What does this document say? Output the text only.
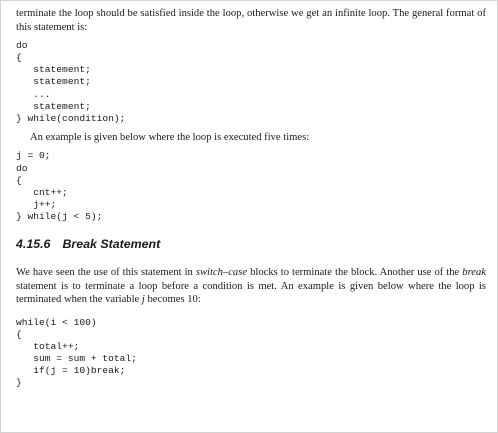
terminate the loop should be satisfied inside the loop, otherwise we get an infinite loop. The general format of this statement is:

do
{
statement;
statement;
...
statement;
} while(condition);

An example is given below where the loop is executed five times:

j = 0;
do
{
cnt++;
j++;
} while(j < 5);
4.15.6 Break Statement

We have seen the use of this statement in switch–case blocks to terminate the block. Another use of the break statement is to terminate a loop before a condition is met. An example is given below where the loop is terminated when the variable j becomes 10:

while(i < 100)
{
total++;
sum = sum + total;
if(j = 10)break;
}
